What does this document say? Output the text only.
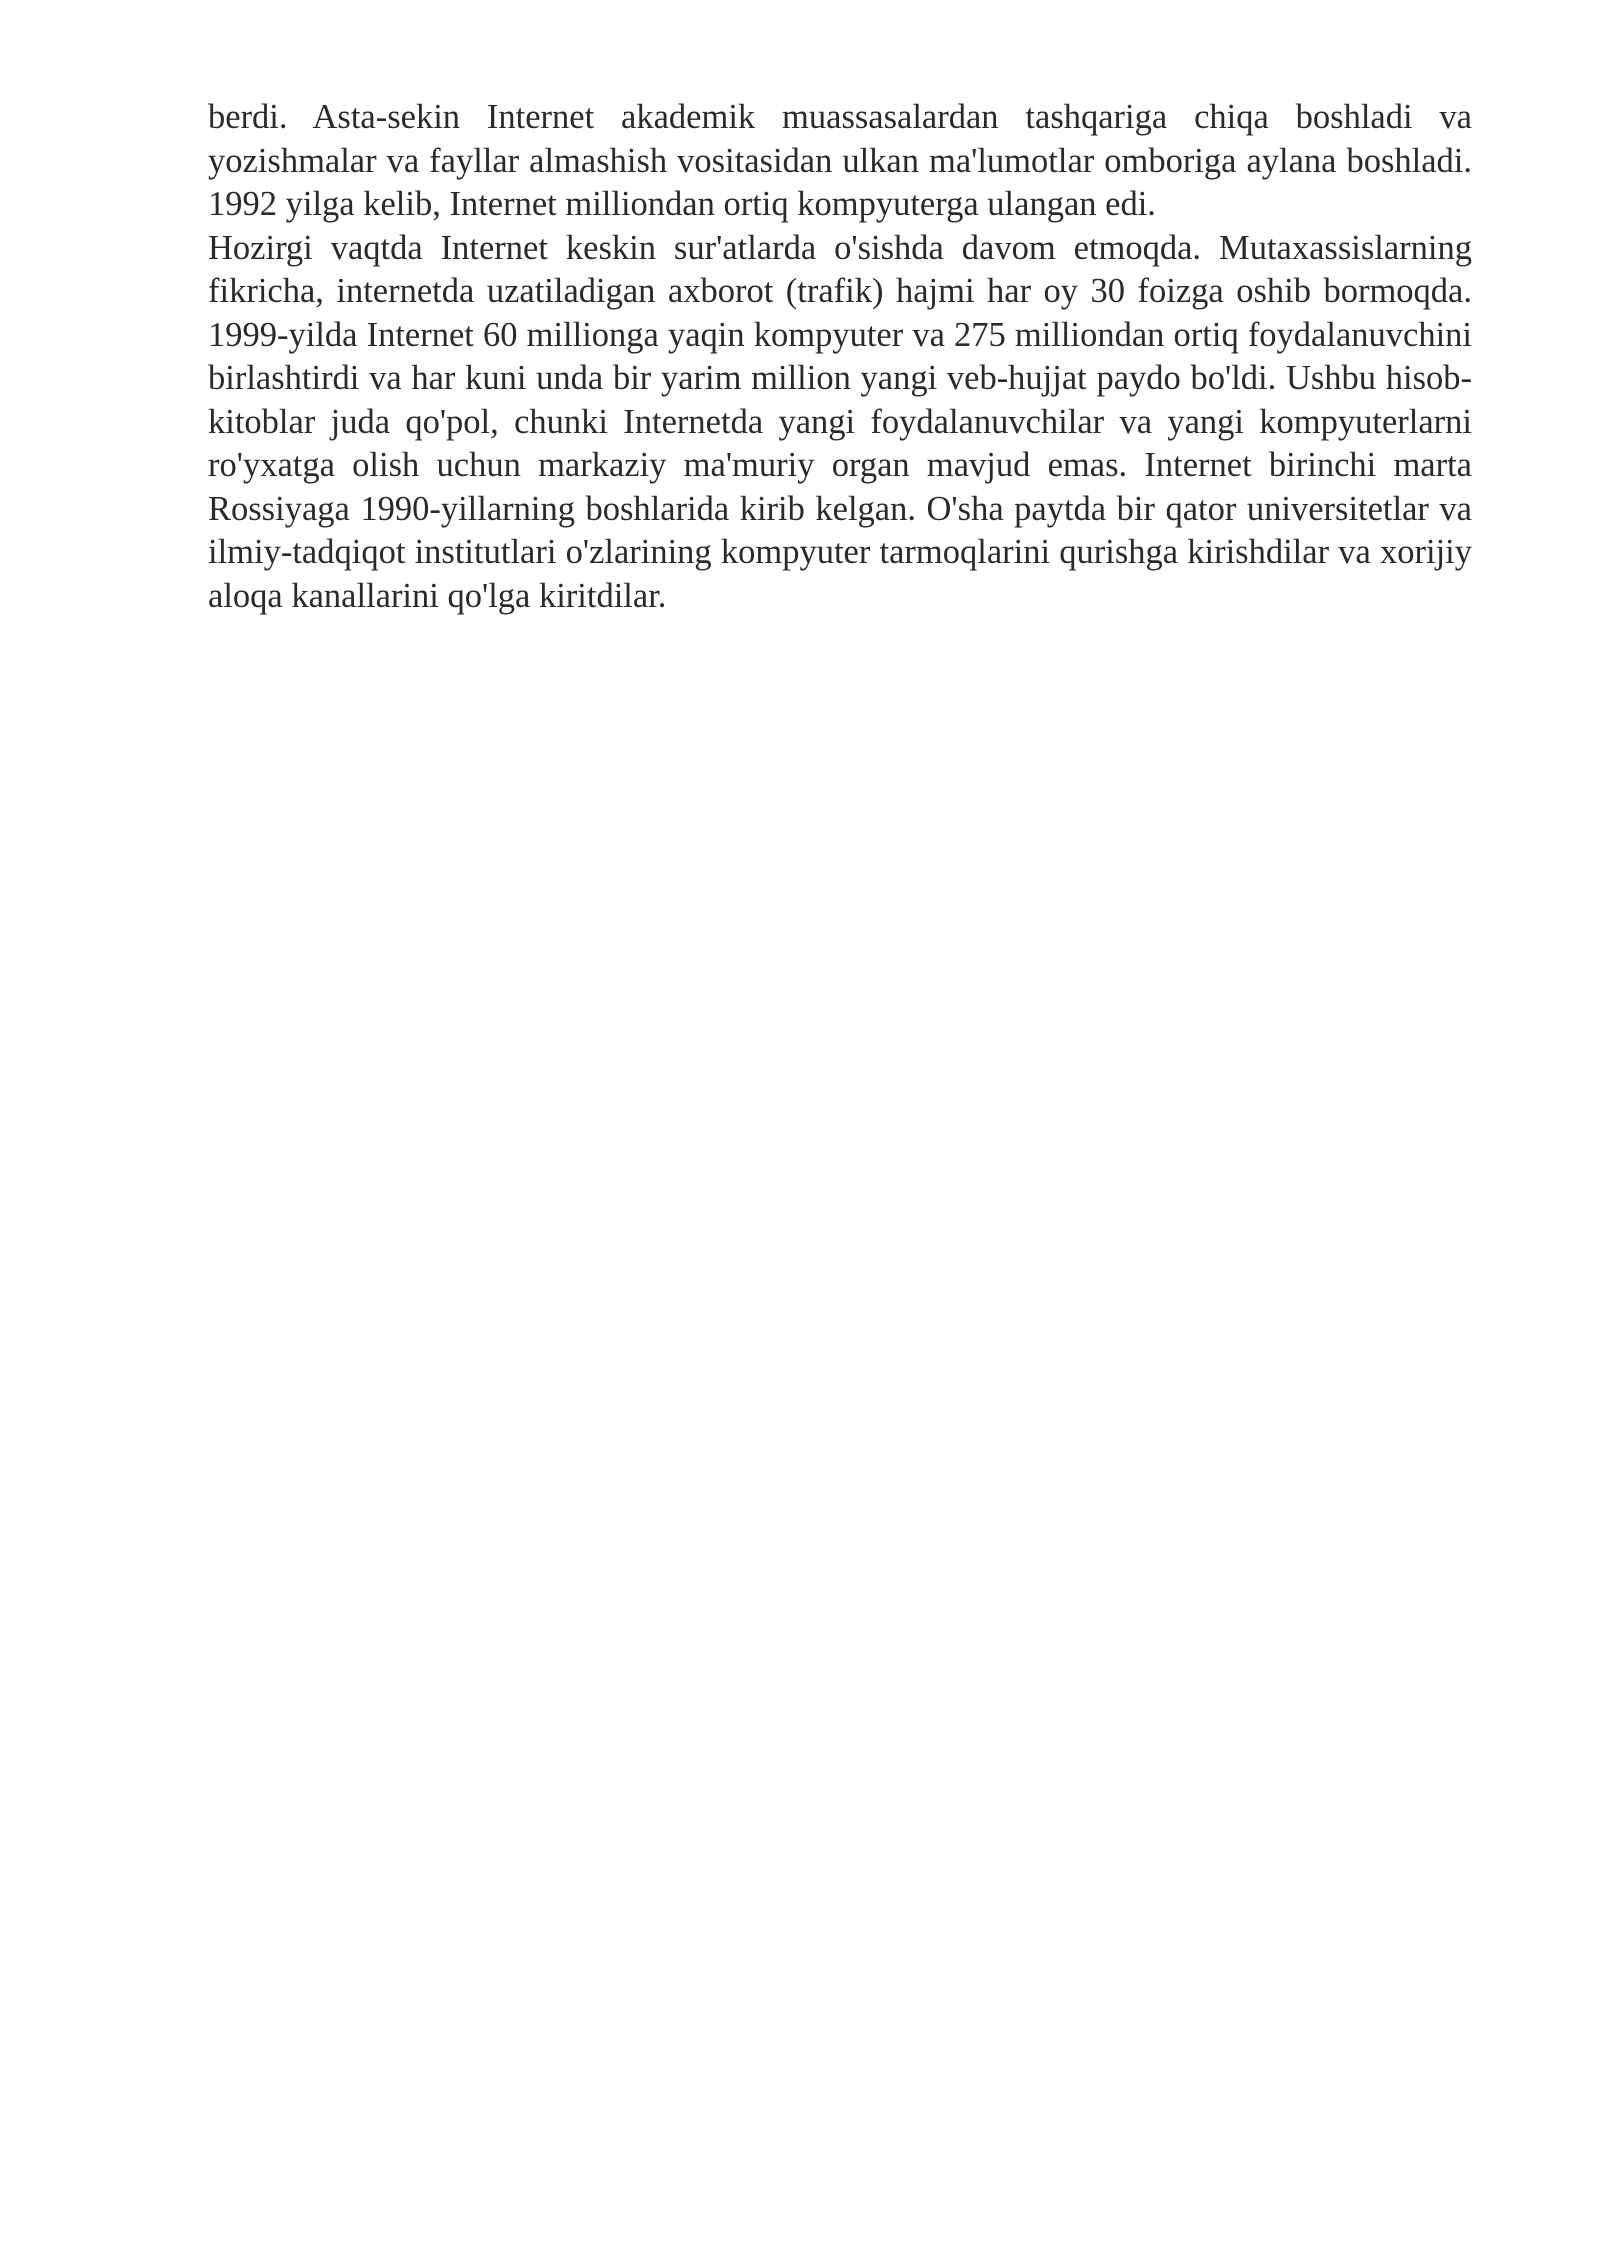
berdi. Asta-sekin Internet akademik muassasalardan tashqariga chiqa boshladi va yozishmalar va fayllar almashish vositasidan ulkan ma'lumotlar omboriga aylana boshladi. 1992 yilga kelib, Internet milliondan ortiq kompyuterga ulangan edi.

Hozirgi vaqtda Internet keskin sur'atlarda o'sishda davom etmoqda. Mutaxassislarning fikricha, internetda uzatiladigan axborot (trafik) hajmi har oy 30 foizga oshib bormoqda. 1999-yilda Internet 60 millionga yaqin kompyuter va 275 milliondan ortiq foydalanuvchini birlashtirdi va har kuni unda bir yarim million yangi veb-hujjat paydo bo'ldi. Ushbu hisob-kitoblar juda qo'pol, chunki Internetda yangi foydalanuvchilar va yangi kompyuterlarni ro'yxatga olish uchun markaziy ma'muriy organ mavjud emas. Internet birinchi marta Rossiyaga 1990-yillarning boshlarida kirib kelgan. O'sha paytda bir qator universitetlar va ilmiy-tadqiqot institutlari o'zlarining kompyuter tarmoqlarini qurishga kirishdilar va xorijiy aloqa kanallarini qo'lga kiritdilar.
